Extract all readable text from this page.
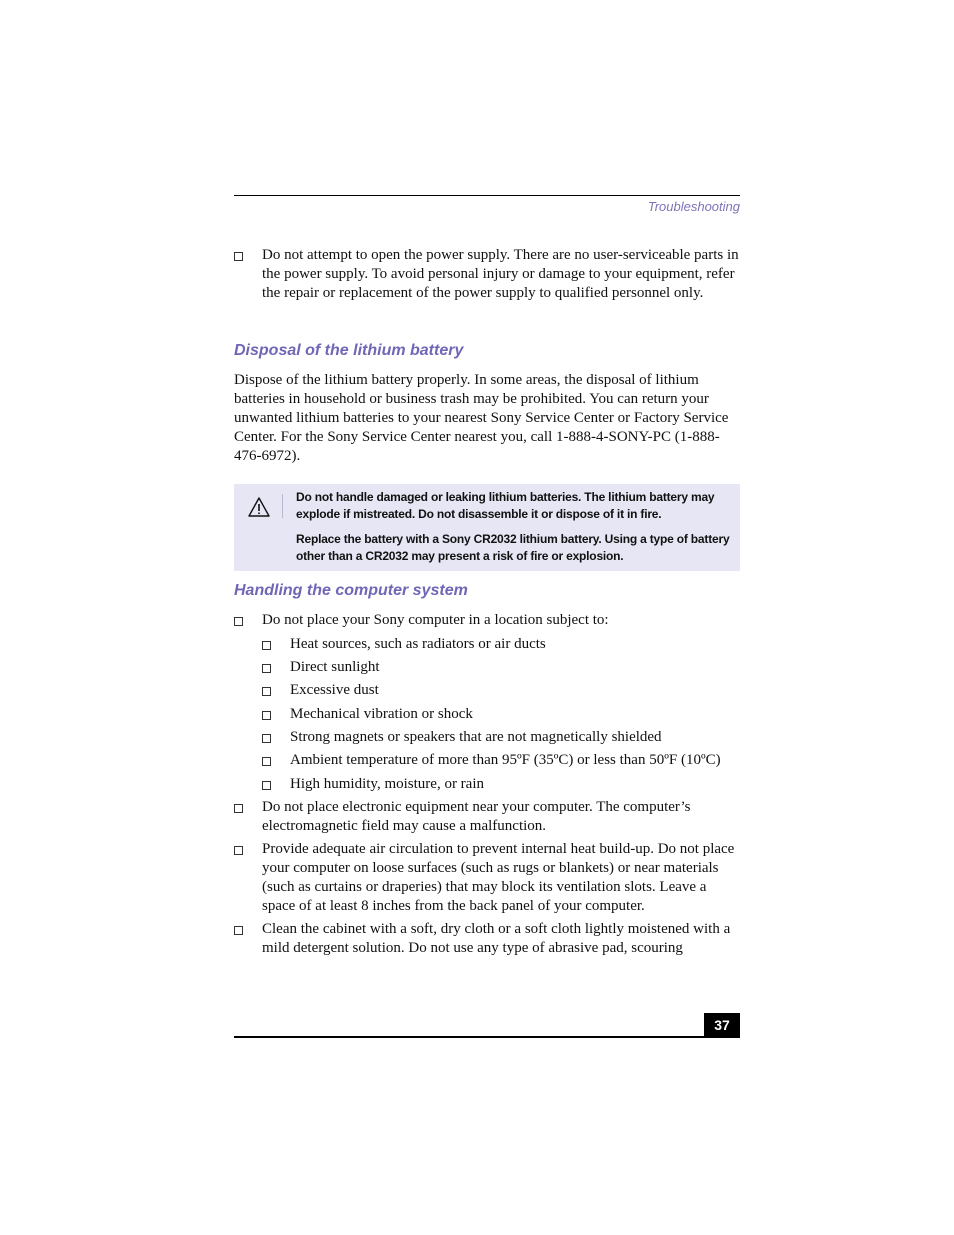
Troubleshooting
Do not attempt to open the power supply. There are no user-serviceable parts in the power supply. To avoid personal injury or damage to your equipment, refer the repair or replacement of the power supply to qualified personnel only.
Disposal of the lithium battery
Dispose of the lithium battery properly. In some areas, the disposal of lithium batteries in household or business trash may be prohibited. You can return your unwanted lithium batteries to your nearest Sony Service Center or Factory Service Center. For the Sony Service Center nearest you, call 1-888-4-SONY-PC (1-888-476-6972).
Do not handle damaged or leaking lithium batteries. The lithium battery may explode if mistreated. Do not disassemble it or dispose of it in fire.
Replace the battery with a Sony CR2032 lithium battery. Using a type of battery other than a CR2032 may present a risk of fire or explosion.
Handling the computer system
Do not place your Sony computer in a location subject to:
Heat sources, such as radiators or air ducts
Direct sunlight
Excessive dust
Mechanical vibration or shock
Strong magnets or speakers that are not magnetically shielded
Ambient temperature of more than 95ºF (35ºC) or less than 50ºF (10ºC)
High humidity, moisture, or rain
Do not place electronic equipment near your computer. The computer’s electromagnetic field may cause a malfunction.
Provide adequate air circulation to prevent internal heat build-up. Do not place your computer on loose surfaces (such as rugs or blankets) or near materials (such as curtains or draperies) that may block its ventilation slots. Leave a space of at least 8 inches from the back panel of your computer.
Clean the cabinet with a soft, dry cloth or a soft cloth lightly moistened with a mild detergent solution. Do not use any type of abrasive pad, scouring
37
